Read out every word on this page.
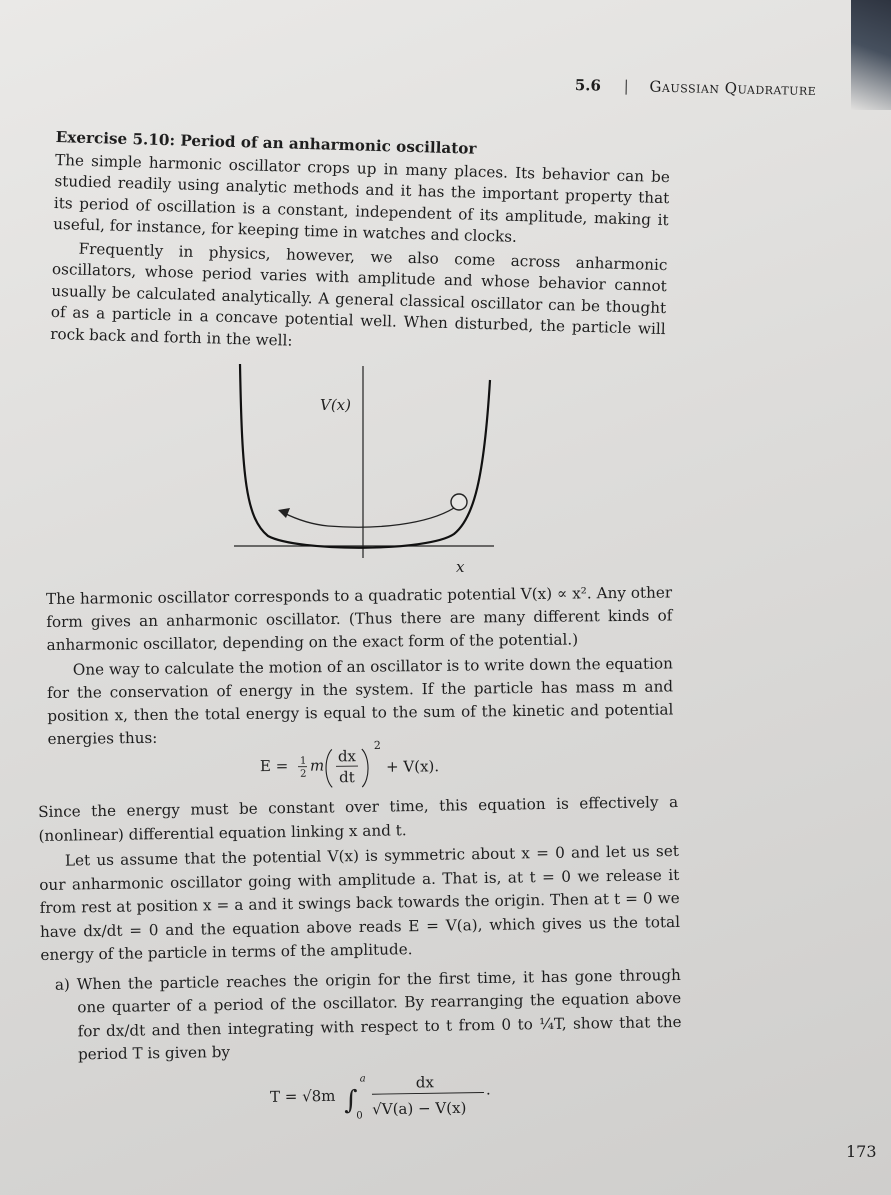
5.6 | Gaussian Quadrature
Exercise 5.10: Period of an anharmonic oscillator

The simple harmonic oscillator crops up in many places. Its behavior can be studied readily using analytic methods and it has the important property that its period of oscillation is a constant, independent of its amplitude, making it useful, for instance, for keeping time in watches and clocks.

Frequently in physics, however, we also come across anharmonic oscillators, whose period varies with amplitude and whose behavior cannot usually be calculated analytically. A general classical oscillator can be thought of as a particle in a concave potential well. When disturbed, the particle will rock back and forth in the well:

V(x)
x

The harmonic oscillator corresponds to a quadratic potential V(x) ∝ x². Any other form gives an anharmonic oscillator. (Thus there are many different kinds of anharmonic oscillator, depending on the exact form of the potential.)

One way to calculate the motion of an oscillator is to write down the equation for the conservation of energy in the system. If the particle has mass m and position x, then the total energy is equal to the sum of the kinetic and potential energies thus:

E = 1
2 m
dx
dt
2
+ V(x).

Since the energy must be constant over time, this equation is effectively a (nonlinear) differential equation linking x and t.

Let us assume that the potential V(x) is symmetric about x = 0 and let us set our anharmonic oscillator going with amplitude a. That is, at t = 0 we release it from rest at position x = a and it swings back towards the origin. Then at t = 0 we have dx/dt = 0 and the equation above reads E = V(a), which gives us the total energy of the particle in terms of the amplitude.

a) When the particle reaches the origin for the first time, it has gone through one quarter of a period of the oscillator. By rearranging the equation above for dx/dt and then integrating with respect to t from 0 to ¼T, show that the period T is given by

T = √8m ∫
a
0
dx
√V(a) − V(x)
.
173
